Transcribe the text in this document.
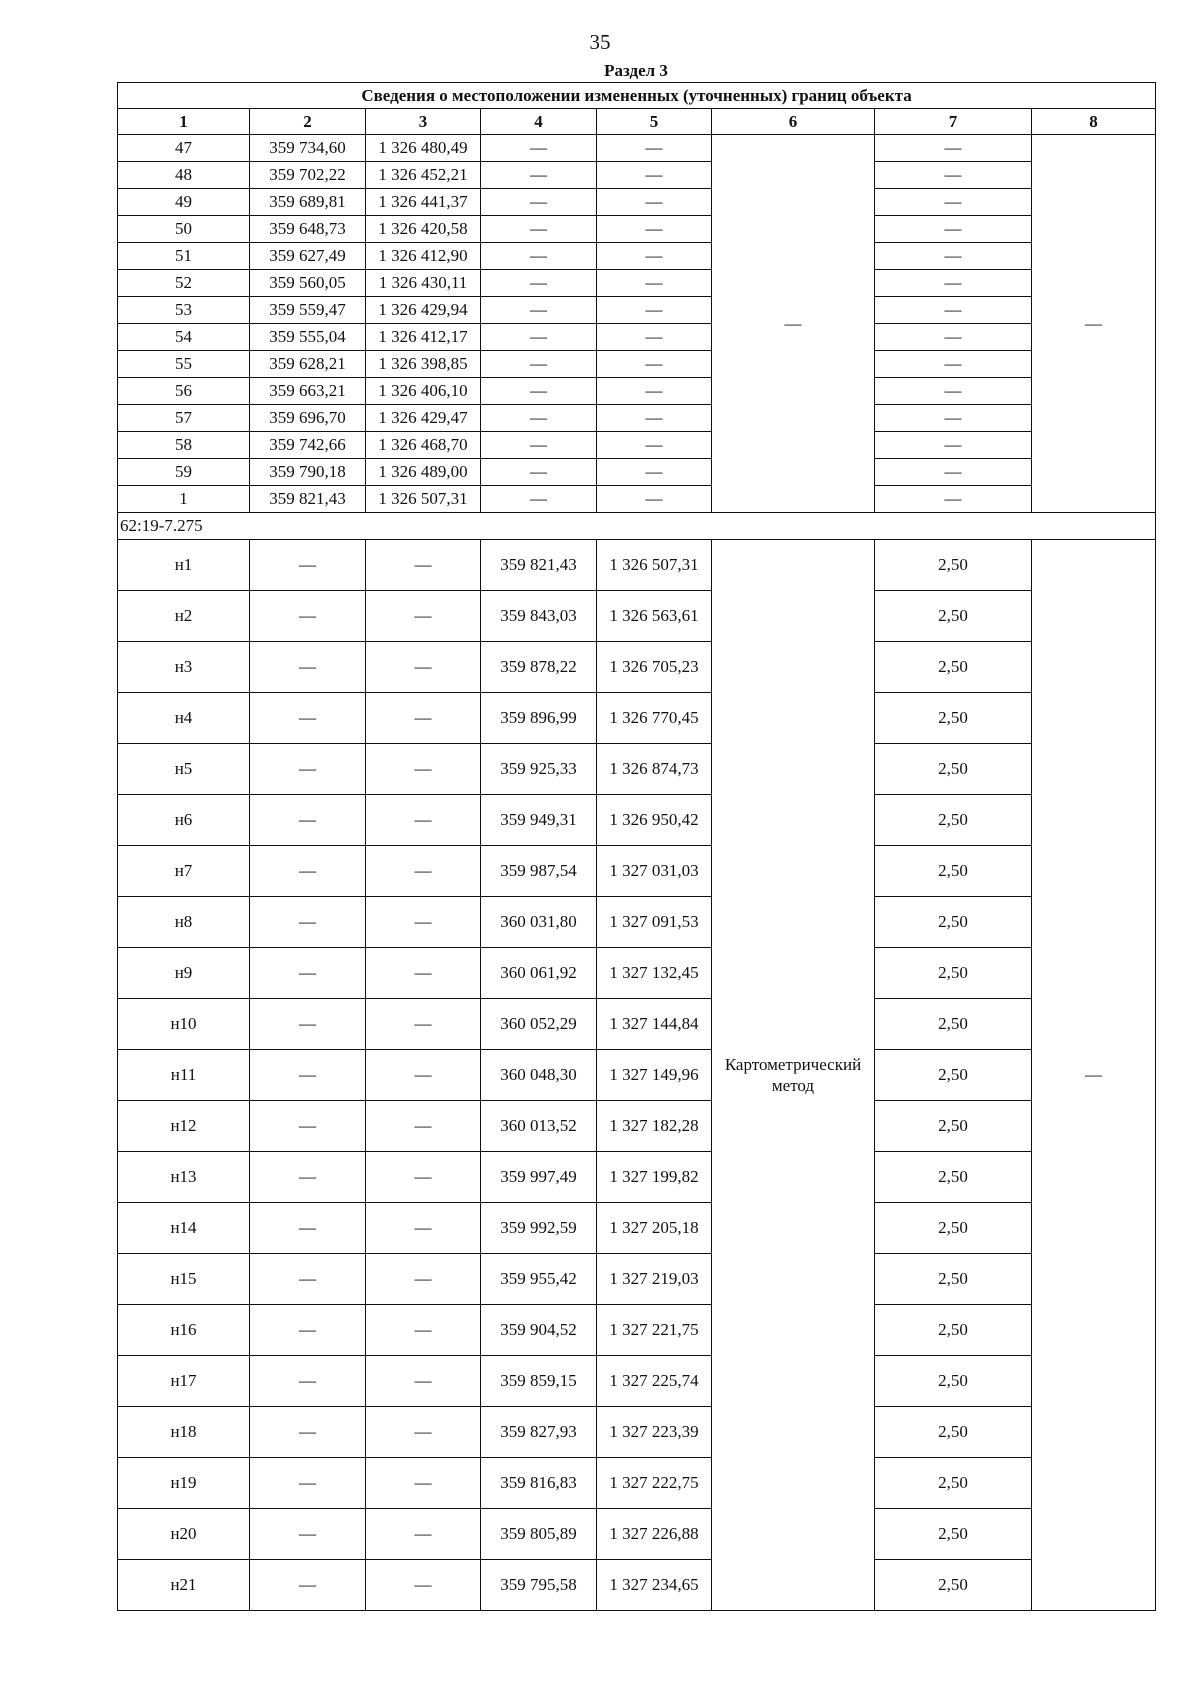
35
Раздел 3
Сведения о местоположении измененных (уточненных) границ объекта							
1	2	3	4	5	6	7	8
47	359 734,60	1 326 480,49	—	—	—	—	—
48	359 702,22	1 326 452,21	—	—		—	
49	359 689,81	1 326 441,37	—	—		—	
50	359 648,73	1 326 420,58	—	—		—	
51	359 627,49	1 326 412,90	—	—		—	
52	359 560,05	1 326 430,11	—	—		—	
53	359 559,47	1 326 429,94	—	—		—	
54	359 555,04	1 326 412,17	—	—		—	
55	359 628,21	1 326 398,85	—	—		—	
56	359 663,21	1 326 406,10	—	—		—	
57	359 696,70	1 326 429,47	—	—		—	
58	359 742,66	1 326 468,70	—	—		—	
59	359 790,18	1 326 489,00	—	—		—	
1	359 821,43	1 326 507,31	—	—		—	
62:19-7.275							
н1	—	—	359 821,43	1 326 507,31	Картометрический метод	2,50	—
н2	—	—	359 843,03	1 326 563,61		2,50	
н3	—	—	359 878,22	1 326 705,23		2,50	
н4	—	—	359 896,99	1 326 770,45		2,50	
н5	—	—	359 925,33	1 326 874,73		2,50	
н6	—	—	359 949,31	1 326 950,42		2,50	
н7	—	—	359 987,54	1 327 031,03		2,50	
н8	—	—	360 031,80	1 327 091,53		2,50	
н9	—	—	360 061,92	1 327 132,45		2,50	
н10	—	—	360 052,29	1 327 144,84		2,50	
н11	—	—	360 048,30	1 327 149,96		2,50	
н12	—	—	360 013,52	1 327 182,28		2,50	
н13	—	—	359 997,49	1 327 199,82		2,50	
н14	—	—	359 992,59	1 327 205,18		2,50	
н15	—	—	359 955,42	1 327 219,03		2,50	
н16	—	—	359 904,52	1 327 221,75		2,50	
н17	—	—	359 859,15	1 327 225,74		2,50	
н18	—	—	359 827,93	1 327 223,39		2,50	
н19	—	—	359 816,83	1 327 222,75		2,50	
н20	—	—	359 805,89	1 327 226,88		2,50	
н21	—	—	359 795,58	1 327 234,65		2,50	
